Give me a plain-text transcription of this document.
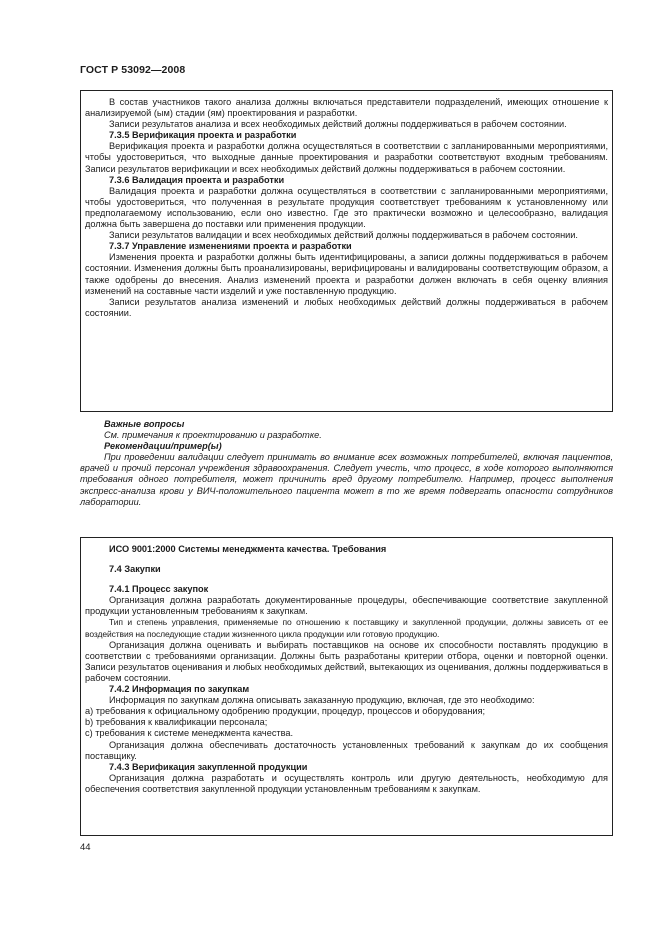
ГОСТ Р 53092—2008

В состав участников такого анализа должны включаться представители подразделений, имеющих отношение к анализируемой (ым) стадии (ям) проектирования и разработки.

Записи результатов анализа и всех необходимых действий должны поддерживаться в рабочем состоянии.

7.3.5 Верификация проекта и разработки

Верификация проекта и разработки должна осуществляться в соответствии с запланированными мероприятиями, чтобы удостовериться, что выходные данные проектирования и разработки соответствуют входным требованиям. Записи результатов верификации и всех необходимых действий должны поддерживаться в рабочем состоянии.

7.3.6 Валидация проекта и разработки

Валидация проекта и разработки должна осуществляться в соответствии с запланированными мероприятиями, чтобы удостовериться, что полученная в результате продукция соответствует требованиям к установленному или предполагаемому использованию, если оно известно. Где это практически возможно и целесообразно, валидация должна быть завершена до поставки или применения продукции.

Записи результатов валидации и всех необходимых действий должны поддерживаться в рабочем состоянии.

7.3.7 Управление изменениями проекта и разработки

Изменения проекта и разработки должны быть идентифицированы, а записи должны поддерживаться в рабочем состоянии. Изменения должны быть проанализированы, верифицированы и валидированы соответствующим образом, а также одобрены до внесения. Анализ изменений проекта и разработки должен включать в себя оценку влияния изменений на составные части изделий и уже поставленную продукцию.

Записи результатов анализа изменений и любых необходимых действий должны поддерживаться в рабочем состоянии.

Важные вопросы

См. примечания к проектированию и разработке.

Рекомендации/пример(ы)

При проведении валидации следует принимать во внимание всех возможных потребителей, включая пациентов, врачей и прочий персонал учреждения здравоохранения. Следует учесть, что процесс, в ходе которого выполняются требования одного потребителя, может причинить вред другому потребителю. Например, процесс выполнения экспресс-анализа крови у ВИЧ-положительного пациента может в то же время подвергать опасности сотрудников лаборатории.

ИСО 9001:2000 Системы менеджмента качества. Требования

7.4 Закупки

7.4.1 Процесс закупок

Организация должна разработать документированные процедуры, обеспечивающие соответствие закупленной продукции установленным требованиям к закупкам.

Тип и степень управления, применяемые по отношению к поставщику и закупленной продукции, должны зависеть от ее воздействия на последующие стадии жизненного цикла продукции или готовую продукцию.

Организация должна оценивать и выбирать поставщиков на основе их способности поставлять продукцию в соответствии с требованиями организации. Должны быть разработаны критерии отбора, оценки и повторной оценки. Записи результатов оценивания и любых необходимых действий, вытекающих из оценивания, должны поддерживаться в рабочем состоянии.

7.4.2 Информация по закупкам

Информация по закупкам должна описывать заказанную продукцию, включая, где это необходимо:

а) требования к официальному одобрению продукции, процедур, процессов и оборудования;

b) требования к квалификации персонала;

c) требования к системе менеджмента качества.

Организация должна обеспечивать достаточность установленных требований к закупкам до их сообщения поставщику.

7.4.3 Верификация закупленной продукции

Организация должна разработать и осуществлять контроль или другую деятельность, необходимую для обеспечения соответствия закупленной продукции установленным требованиям к закупкам.

44
